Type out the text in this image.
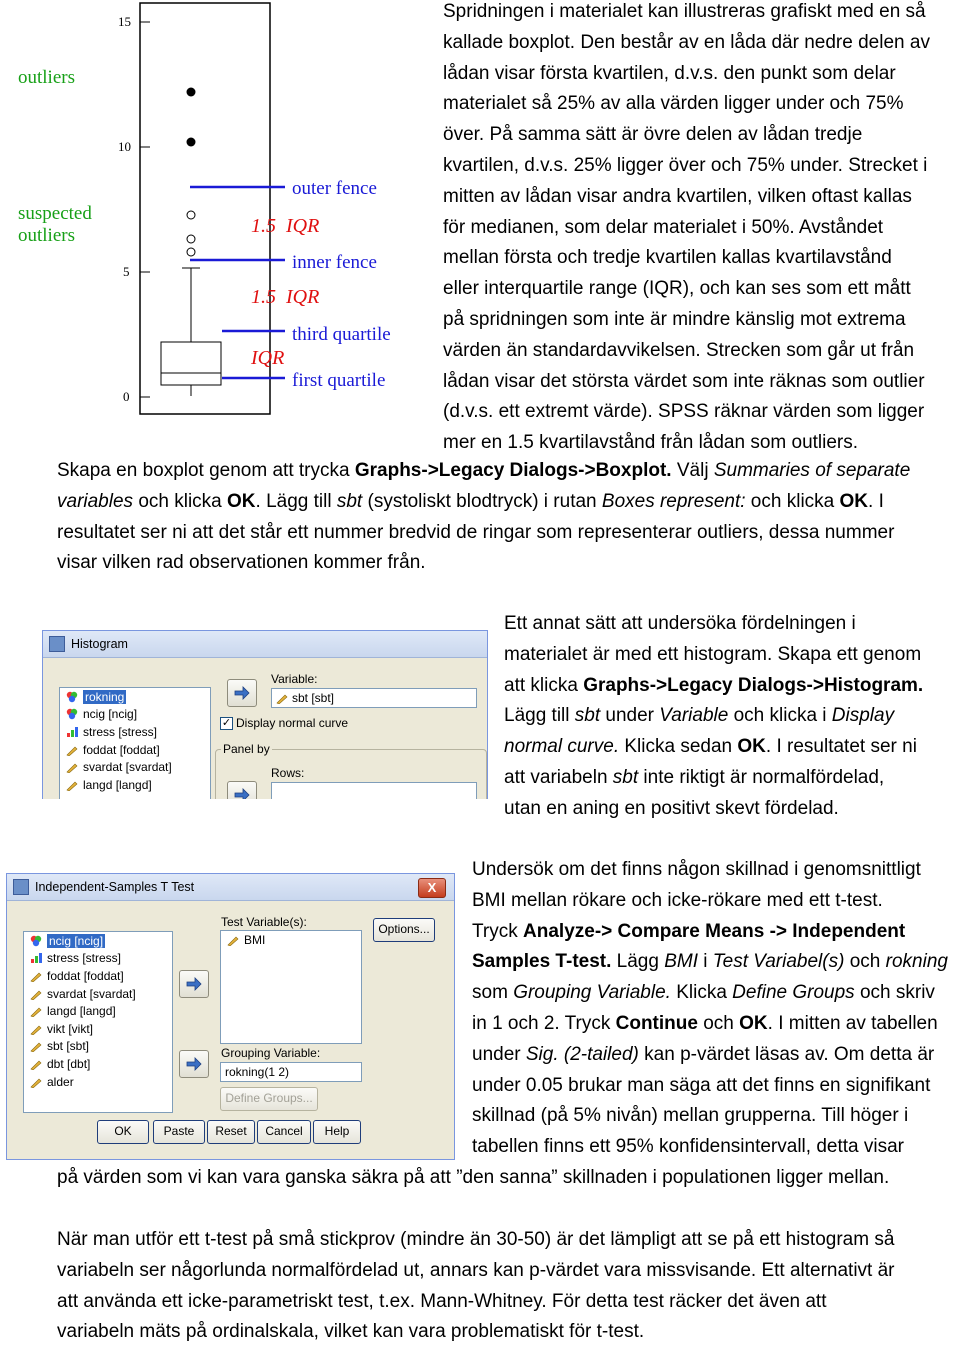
15
10
5
0
outer fence
1.5  IQR
inner fence
1.5  IQR
third quartile
IQR
first quartile
outliers
suspected
outliers
Spridningen i materialet kan illustreras grafiskt med en så
kallade boxplot. Den består av en låda där nedre delen av
lådan visar första kvartilen, d.v.s. den punkt som delar
materialet så 25% av alla värden ligger under och 75%
över. På samma sätt är övre delen av lådan tredje
kvartilen, d.v.s. 25% ligger över och 75% under. Strecket i
mitten av lådan visar andra kvartilen, vilken oftast kallas
för medianen, som delar materialet i 50%. Avståndet
mellan första och tredje kvartilen kallas kvartilavstånd
eller interquartile range (IQR), och kan ses som ett mått
på spridningen som inte är mindre känslig mot extrema
värden än standardavvikelsen. Strecken som går ut från
lådan visar det största värdet som inte räknas som outlier
(d.v.s. ett extremt värde). SPSS räknar värden som ligger
mer en 1.5 kvartilavstånd från lådan som outliers.
Skapa en boxplot genom att trycka Graphs->Legacy Dialogs->Boxplot. Välj Summaries of separate
variables och klicka OK. Lägg till sbt (systoliskt blodtryck) i rutan Boxes represent: och klicka OK. I
resultatet ser ni att det står ett nummer bredvid de ringar som representerar outliers, dessa nummer
visar vilken rad observationen kommer från.
Histogram
rokning
ncig [ncig]
stress [stress]
foddat [foddat]
svardat [svardat]
langd [langd]
Variable:
sbt [sbt]
✓ Display normal curve
Panel by
Rows:
Ett annat sätt att undersöka fördelningen i
materialet är med ett histogram. Skapa ett genom
att klicka Graphs->Legacy Dialogs->Histogram.
Lägg till sbt under Variable och klicka i Display
normal curve. Klicka sedan OK. I resultatet ser ni
att variabeln sbt inte riktigt är normalfördelad,
utan en aning en positivt skevt fördelad.
Independent-Samples T Test	X
ncig [ncig]
stress [stress]
foddat [foddat]
svardat [svardat]
langd [langd]
vikt [vikt]
sbt [sbt]
dbt [dbt]
alder
Test Variable(s):
BMI
Options...
Grouping Variable:
rokning(1 2)
Define Groups...
OK	Paste	Reset	Cancel	Help
Undersök om det finns någon skillnad i genomsnittligt
BMI mellan rökare och icke-rökare med ett t-test.
Tryck Analyze-> Compare Means -> Independent
Samples T-test. Lägg BMI i Test Variabel(s) och rokning
som Grouping Variable. Klicka Define Groups och skriv
in 1 och 2. Tryck Continue och OK. I mitten av tabellen
under Sig. (2-tailed) kan p-värdet läsas av. Om detta är
under 0.05 brukar man säga att det finns en signifikant
skillnad (på 5% nivån) mellan grupperna. Till höger i
tabellen finns ett 95% konfidensintervall, detta visar
på värden som vi kan vara ganska säkra på att ”den sanna” skillnaden i populationen ligger mellan.
När man utför ett t-test på små stickprov (mindre än 30-50) är det lämpligt att se på ett histogram så
variabeln ser någorlunda normalfördelad ut, annars kan p-värdet vara missvisande. Ett alternativt är
att använda ett icke-parametriskt test, t.ex. Mann-Whitney. För detta test räcker det även att
variabeln mäts på ordinalskala, vilket kan vara problematiskt för t-test.
